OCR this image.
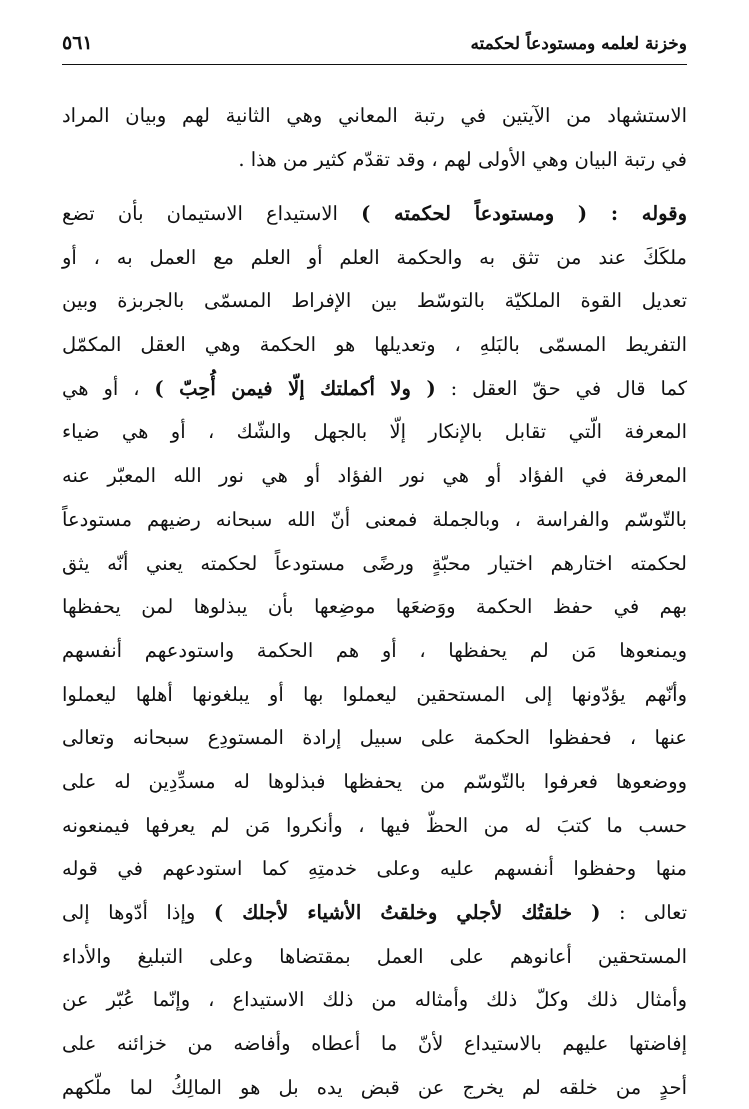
وخزنة لعلمه ومستودعاً لحكمته
٥٦١
الاستشهاد من الآيتين في رتبة المعاني وهي الثانية لهم وبيان المراد
في رتبة البيان وهي الأولى لهم ، وقد تقدّم كثير من هذا .
وقوله : ( ومستودعاً لحكمته ) الاستيداع الاستيمان بأن تضع
ملكَكَ عند من تثق به والحكمة العلم أو العلم مع العمل به ، أو
تعديل القوة الملكيّة بالتوسّط بين الإفراط المسمّى بالجربزة وبين
التفريط المسمّى بالبَلهِ ، وتعديلها هو الحكمة وهي العقل المكمّل
كما قال في حقّ العقل : ( ولا أكملتك إلّا فيمن أُحِبّ ) ، أو هي
المعرفة الّتي تقابل بالإنكار إلّا بالجهل والشّك ، أو هي ضياء
المعرفة في الفؤاد أو هي نور الفؤاد أو هي نور الله المعبّر عنه
بالتّوسّم والفراسة ، وبالجملة فمعنى أنّ الله سبحانه رضيهم مستودعاً
لحكمته اختارهم اختيار محبّةٍ ورضًى مستودعاً لحكمته يعني أنّه يثق
بهم في حفظ الحكمة ووَضعَها موضِعها بأن يبذلوها لمن يحفظها
ويمنعوها مَن لم يحفظها ، أو هم الحكمة واستودعهم أنفسهم
وأنّهم يؤدّونها إلى المستحقين ليعملوا بها أو يبلغونها أهلها ليعملوا
عنها ، فحفظوا الحكمة على سبيل إرادة المستودِع سبحانه وتعالى
ووضعوها فعرفوا بالتّوسّم من يحفظها فبذلوها له مسدِّدِين له على
حسب ما كتبَ له من الحظّ فيها ، وأنكروا مَن لم يعرفها فيمنعونه
منها وحفظوا أنفسهم عليه وعلى خدمتِهِ كما استودعهم في قوله
تعالى : ( خلقتُك لأجلي وخلقتُ الأشياء لأجلك ) وإذا أدّوها إلى
المستحقين أعانوهم على العمل بمقتضاها وعلى التبليغ والأداء
وأمثال ذلك وكلّ ذلك وأمثاله من ذلك الاستيداع ، وإنّما عُبّر عن
إفاضتها عليهم بالاستيداع لأنّ ما أعطاه وأفاضه من خزائنه على
أحدٍ من خلقه لم يخرج عن قبض يده بل هو المالِكُ لما ملّكهم
